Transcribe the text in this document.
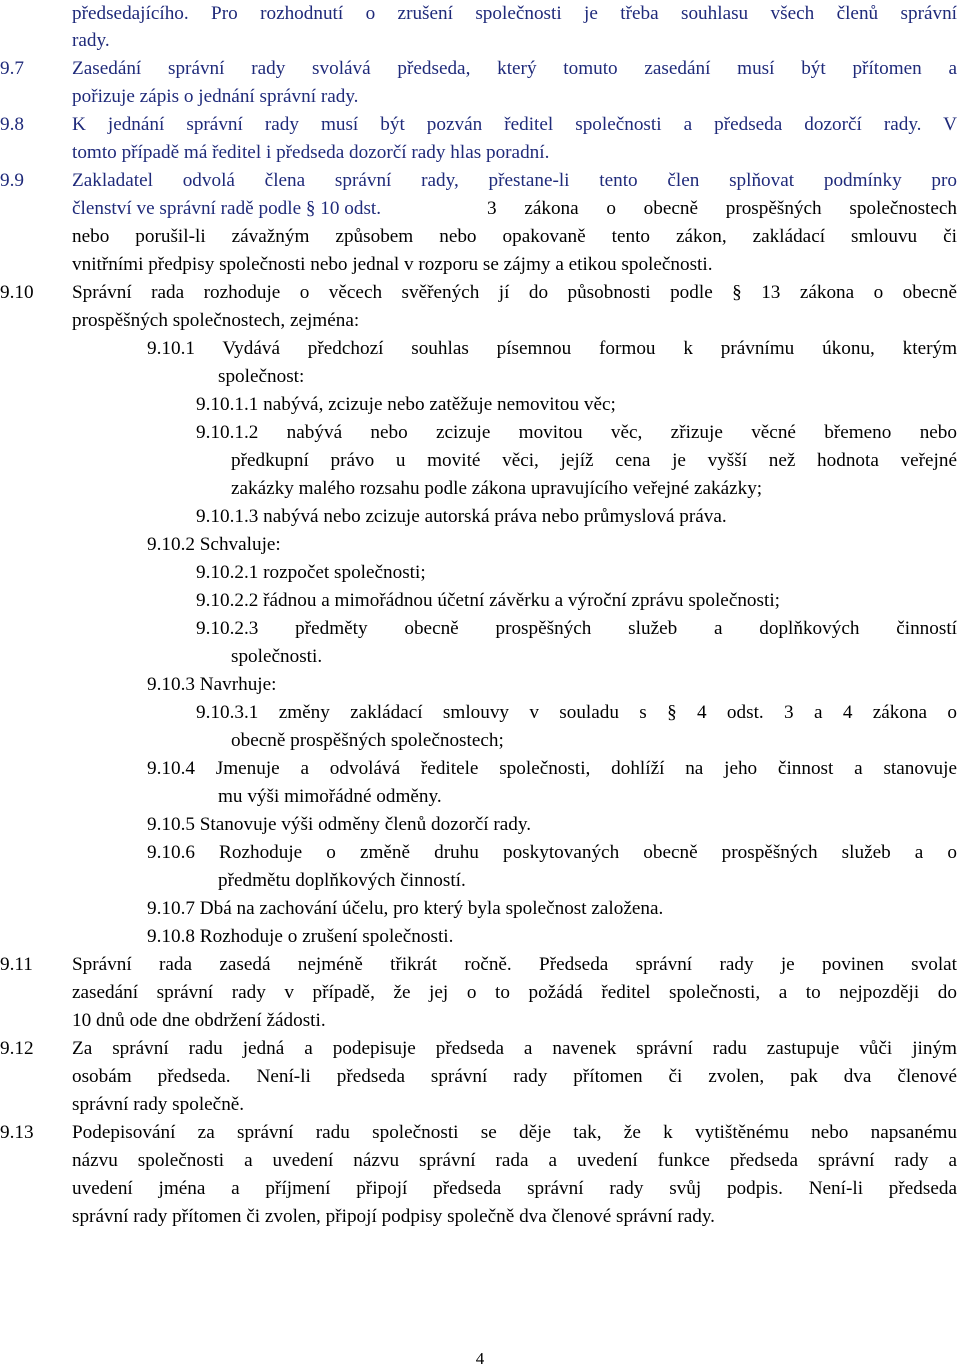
předsedajícího. Pro rozhodnutí o zrušení společnosti je třeba souhlasu všech členů správní
rady.
9.7	Zasedání správní rady svolává předseda, který tomuto zasedání musí být přítomen a
pořizuje zápis o jednání správní rady.
9.8	K jednání správní rady musí být pozván ředitel společnosti a předseda dozorčí rady. V
tomto případě má ředitel i předseda dozorčí rady hlas poradní.
9.9	Zakladatel odvolá člena správní rady, přestane-li tento člen splňovat podmínky pro
členství ve správní radě podle § 10 odst.	3 zákona o obecně prospěšných společnostech
nebo porušil-li závažným způsobem nebo opakovaně tento zákon, zakládací smlouvu či
vnitřními předpisy společnosti nebo jednal v rozporu se zájmy a etikou společnosti.
9.10 Správní rada rozhoduje o věcech svěřených jí do působnosti podle § 13 zákona o obecně
prospěšných společnostech, zejména:
9.10.1 Vydává předchozí souhlas písemnou formou k právnímu úkonu, kterým
společnost:
9.10.1.1 nabývá, zcizuje nebo zatěžuje nemovitou věc;
9.10.1.2 nabývá nebo zcizuje movitou věc, zřizuje věcné břemeno nebo
předkupní právo u movité věci, jejíž cena je vyšší než hodnota veřejné
zakázky malého rozsahu podle zákona upravujícího veřejné zakázky;
9.10.1.3 nabývá nebo zcizuje autorská práva nebo průmyslová práva.
9.10.2 Schvaluje:
9.10.2.1 rozpočet společnosti;
9.10.2.2 řádnou a mimořádnou účetní závěrku a výroční zprávu společnosti;
9.10.2.3 předměty obecně prospěšných služeb a doplňkových činností
společnosti.
9.10.3 Navrhuje:
9.10.3.1 změny zakládací smlouvy v souladu s § 4 odst. 3 a 4 zákona o
obecně prospěšných společnostech;
9.10.4 Jmenuje a odvolává ředitele společnosti, dohlíží na jeho činnost a stanovuje
mu výši mimořádné odměny.
9.10.5 Stanovuje výši odměny členů dozorčí rady.
9.10.6 Rozhoduje o změně druhu poskytovaných obecně prospěšných služeb a o
předmětu doplňkových činností.
9.10.7 Dbá na zachování účelu, pro který byla společnost založena.
9.10.8 Rozhoduje o zrušení společnosti.
9.11 Správní rada zasedá nejméně třikrát ročně. Předseda správní rady je povinen svolat
zasedání správní rady v případě, že jej o to požádá ředitel společnosti, a to nejpozději do
10 dnů ode dne obdržení žádosti.
9.12 Za správní radu jedná a podepisuje předseda a navenek správní radu zastupuje vůči jiným
osobám předseda. Není-li předseda správní rady přítomen či zvolen, pak dva členové
správní rady společně.
9.13 Podepisování za správní radu společnosti se děje tak, že k vytištěnému nebo napsanému
názvu společnosti a uvedení názvu správní rada a uvedení funkce předseda správní rady a
uvedení jména a příjmení připojí předseda správní rady svůj podpis. Není-li předseda
správní rady přítomen či zvolen, připojí podpisy společně dva členové správní rady.
4
